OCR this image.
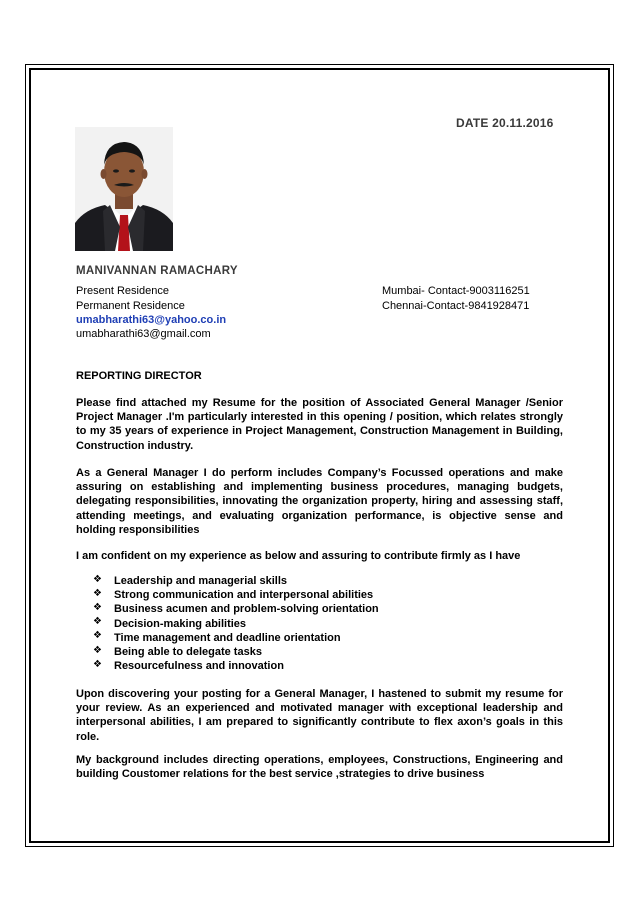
DATE 20.11.2016
MANIVANNAN RAMACHARY
Present Residence	Mumbai- Contact-9003116251
Permanent Residence	Chennai-Contact-9841928471
umabharathi63@yahoo.co.in
umabharathi63@gmail.com
REPORTING DIRECTOR
Please find attached my Resume for the position of Associated General Manager /Senior Project Manager .I'm particularly interested in this opening / position, which relates strongly to my 35 years of experience in Project Management, Construction Management in Building, Construction industry.
As a General Manager I do perform includes Company’s Focussed operations and make assuring on establishing and implementing business procedures, managing budgets, delegating responsibilities, innovating the organization property, hiring and assessing staff, attending meetings, and evaluating organization performance, is objective sense and holding responsibilities
I am confident on my experience as below and assuring to contribute firmly as I have
❖
Leadership and managerial skills
❖
Strong communication and interpersonal abilities
❖
Business acumen and problem-solving orientation
❖
Decision-making abilities
❖
Time management and deadline orientation
❖
Being able to delegate tasks
❖
Resourcefulness and innovation
Upon discovering your posting for a General Manager, I hastened to submit my resume for your review. As an experienced and motivated manager with exceptional leadership and interpersonal abilities, I am prepared to significantly contribute to flex axon’s goals in this role.
My background includes directing operations, employees, Constructions, Engineering and building Coustomer relations for the best service ,strategies to drive business
